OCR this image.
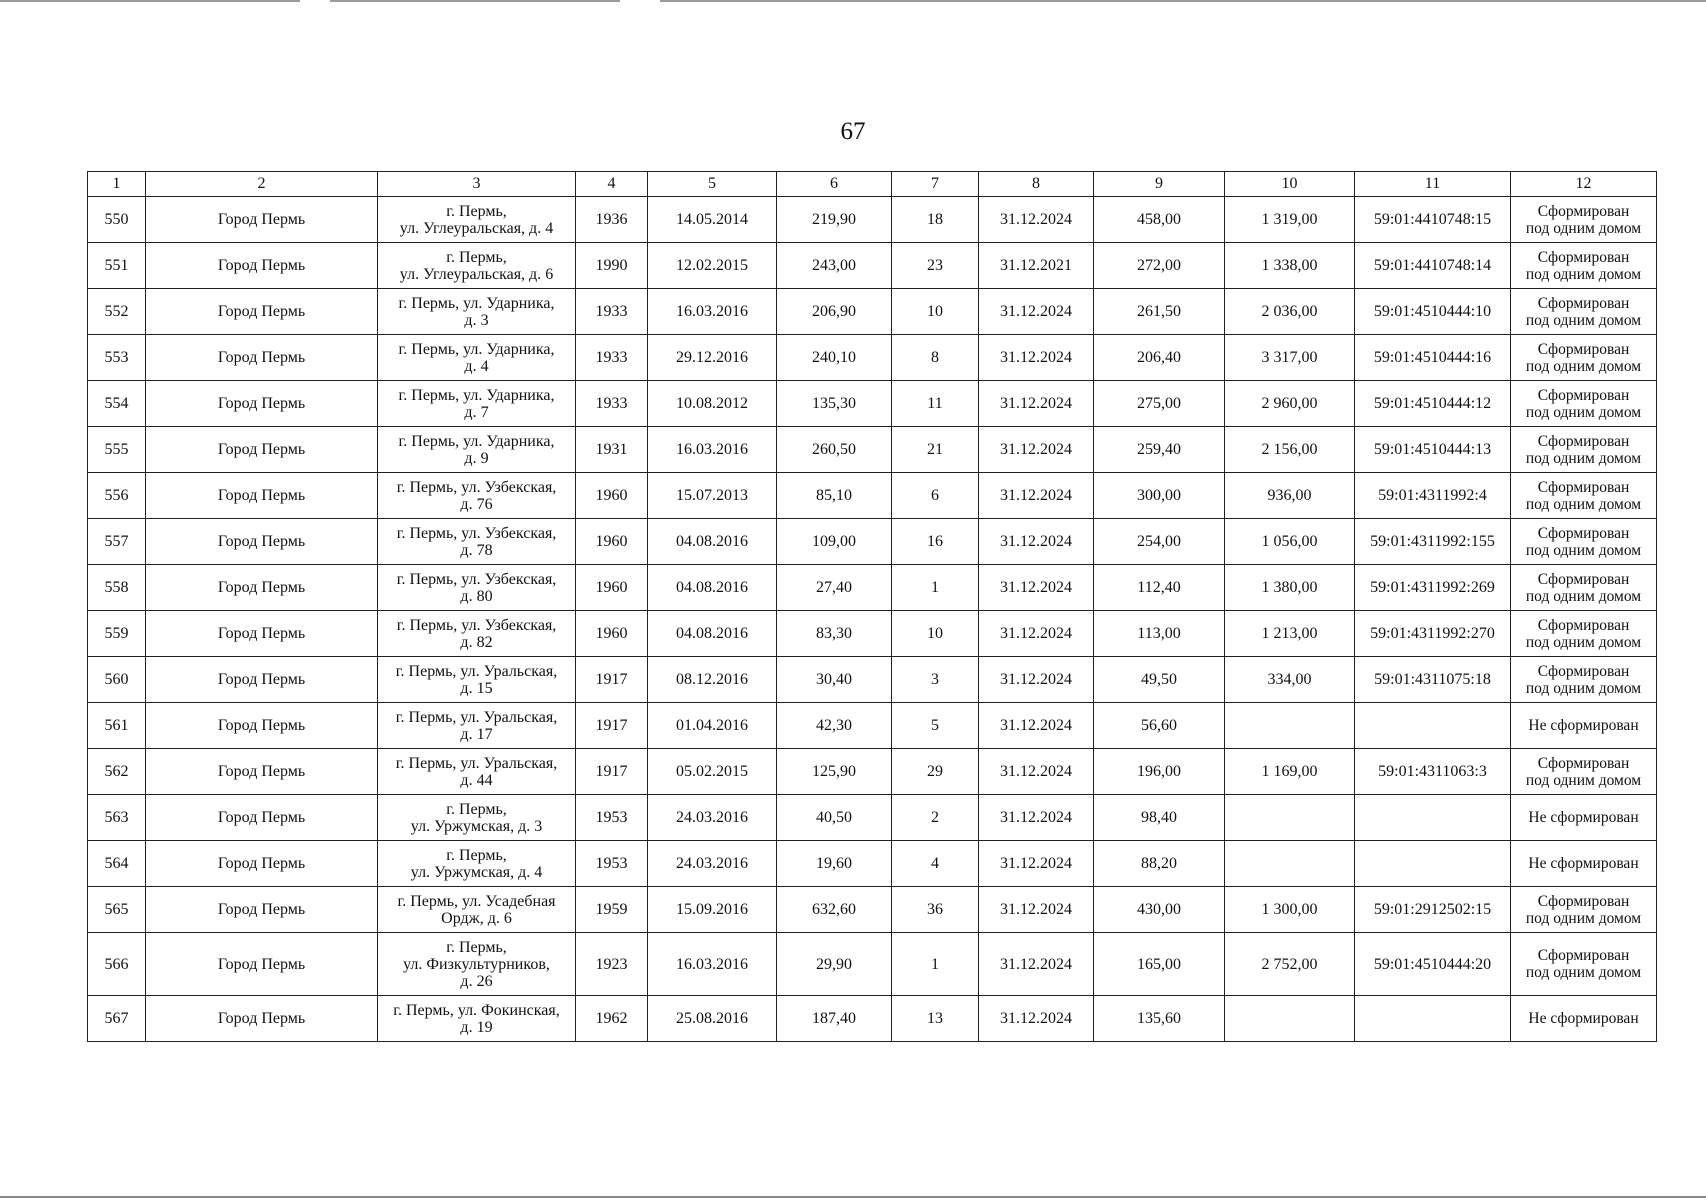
67
1	2	3	4	5	6	7	8	9	10	11	12
550	Город Пермь	г. Пермь,
ул. Углеуральская, д. 4	1936	14.05.2014	219,90	18	31.12.2024	458,00	1 319,00	59:01:4410748:15	Сформирован
под одним домом

551	Город Пермь	г. Пермь,
ул. Углеуральская, д. 6	1990	12.02.2015	243,00	23	31.12.2021	272,00	1 338,00	59:01:4410748:14	Сформирован
под одним домом

552	Город Пермь	г. Пермь, ул. Ударника,
д. 3	1933	16.03.2016	206,90	10	31.12.2024	261,50	2 036,00	59:01:4510444:10	Сформирован
под одним домом

553	Город Пермь	г. Пермь, ул. Ударника,
д. 4	1933	29.12.2016	240,10	8	31.12.2024	206,40	3 317,00	59:01:4510444:16	Сформирован
под одним домом

554	Город Пермь	г. Пермь, ул. Ударника,
д. 7	1933	10.08.2012	135,30	11	31.12.2024	275,00	2 960,00	59:01:4510444:12	Сформирован
под одним домом

555	Город Пермь	г. Пермь, ул. Ударника,
д. 9	1931	16.03.2016	260,50	21	31.12.2024	259,40	2 156,00	59:01:4510444:13	Сформирован
под одним домом

556	Город Пермь	г. Пермь, ул. Узбекская,
д. 76	1960	15.07.2013	85,10	6	31.12.2024	300,00	936,00	59:01:4311992:4	Сформирован
под одним домом

557	Город Пермь	г. Пермь, ул. Узбекская,
д. 78	1960	04.08.2016	109,00	16	31.12.2024	254,00	1 056,00	59:01:4311992:155	Сформирован
под одним домом

558	Город Пермь	г. Пермь, ул. Узбекская,
д. 80	1960	04.08.2016	27,40	1	31.12.2024	112,40	1 380,00	59:01:4311992:269	Сформирован
под одним домом

559	Город Пермь	г. Пермь, ул. Узбекская,
д. 82	1960	04.08.2016	83,30	10	31.12.2024	113,00	1 213,00	59:01:4311992:270	Сформирован
под одним домом

560	Город Пермь	г. Пермь, ул. Уральская,
д. 15	1917	08.12.2016	30,40	3	31.12.2024	49,50	334,00	59:01:4311075:18	Сформирован
под одним домом

561	Город Пермь	г. Пермь, ул. Уральская,
д. 17	1917	01.04.2016	42,30	5	31.12.2024	56,60			Не сформирован

562	Город Пермь	г. Пермь, ул. Уральская,
д. 44	1917	05.02.2015	125,90	29	31.12.2024	196,00	1 169,00	59:01:4311063:3	Сформирован
под одним домом

563	Город Пермь	г. Пермь,
ул. Уржумская, д. 3	1953	24.03.2016	40,50	2	31.12.2024	98,40			Не сформирован

564	Город Пермь	г. Пермь,
ул. Уржумская, д. 4	1953	24.03.2016	19,60	4	31.12.2024	88,20			Не сформирован

565	Город Пермь	г. Пермь, ул. Усадебная
Ордж, д. 6	1959	15.09.2016	632,60	36	31.12.2024	430,00	1 300,00	59:01:2912502:15	Сформирован
под одним домом

566	Город Пермь	г. Пермь,
ул. Физкультурников,
д. 26	1923	16.03.2016	29,90	1	31.12.2024	165,00	2 752,00	59:01:4510444:20	Сформирован
под одним домом

567	Город Пермь	г. Пермь, ул. Фокинская,
д. 19	1962	25.08.2016	187,40	13	31.12.2024	135,60			Не сформирован
